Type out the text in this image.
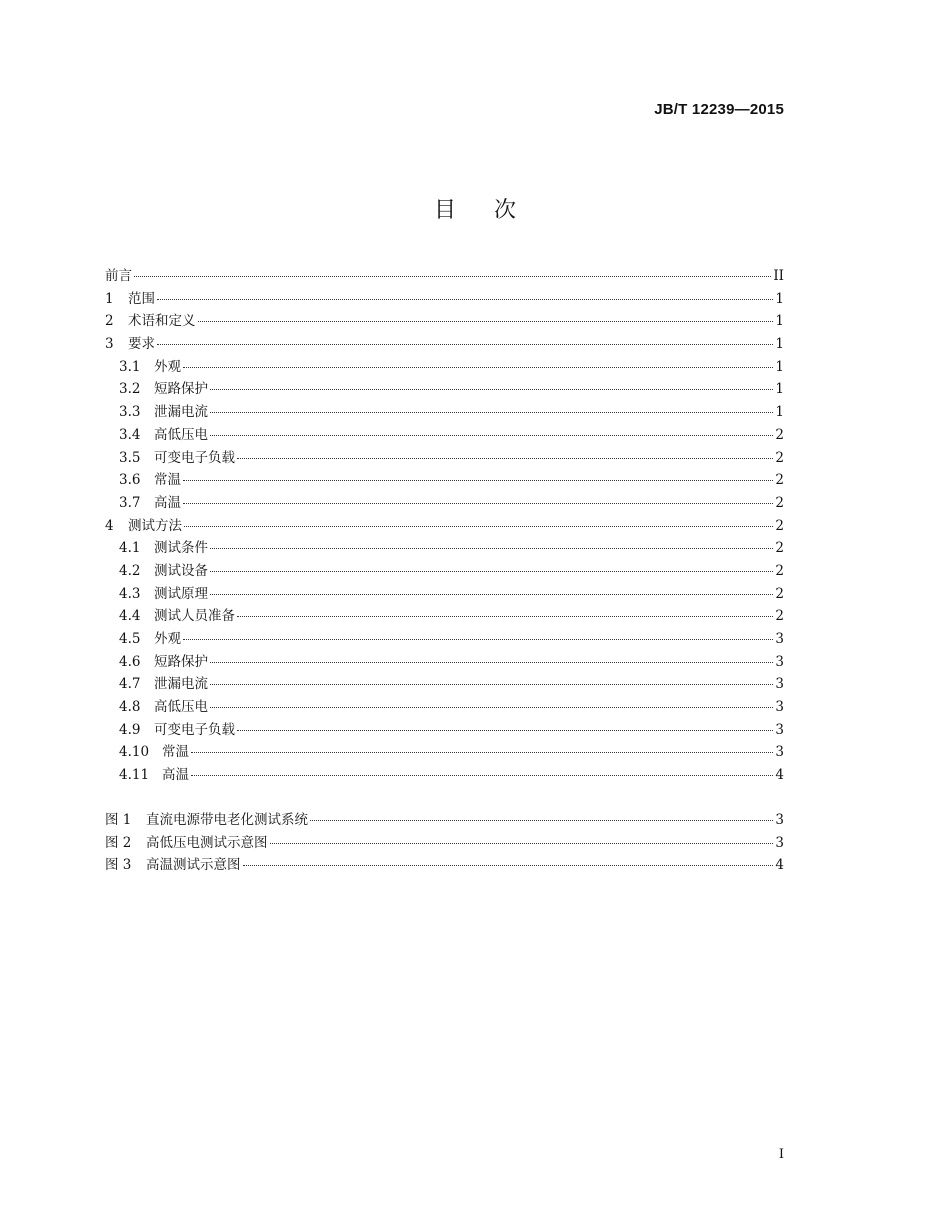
JB/T 12239—2015
目次
前言	II
1	范围	1
2	术语和定义	1
3	要求	1
3.1	外观	1
3.2	短路保护	1
3.3	泄漏电流	1
3.4	高低压电	2
3.5	可变电子负载	2
3.6	常温	2
3.7	高温	2
4	测试方法	2
4.1	测试条件	2
4.2	测试设备	2
4.3	测试原理	2
4.4	测试人员准备	2
4.5	外观	3
4.6	短路保护	3
4.7	泄漏电流	3
4.8	高低压电	3
4.9	可变电子负载	3
4.10 常温	3
4.11 高温	4
图 1	直流电源带电老化测试系统	3
图 2	高低压电测试示意图	3
图 3	高温测试示意图	4
I
